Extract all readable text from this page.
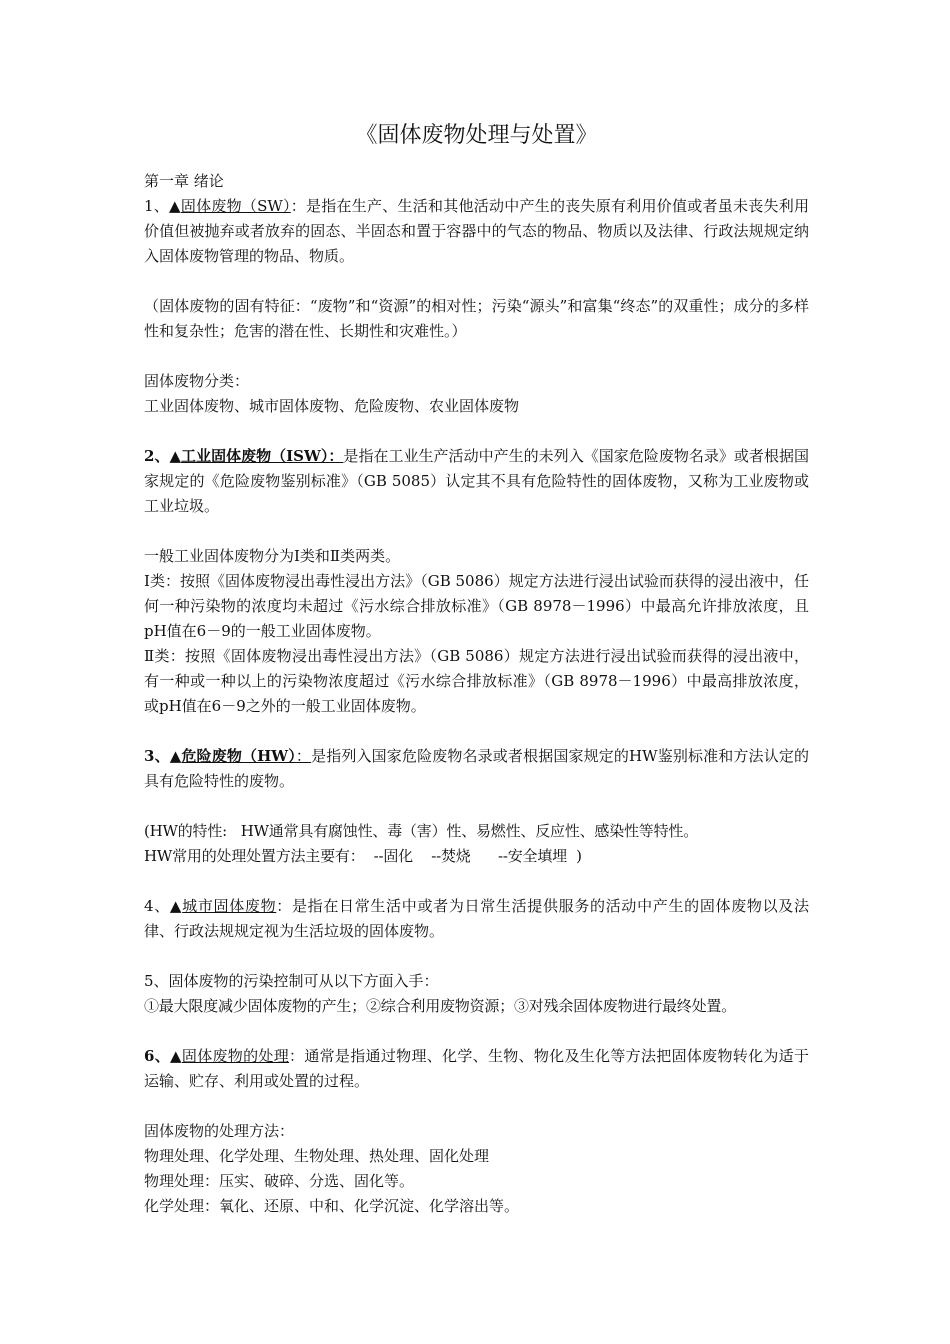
《固体废物处理与处置》

第一章 绪论

1、▲固体废物（SW）：是指在生产、生活和其他活动中产生的丧失原有利用价值或者虽未丧失利用价值但被抛弃或者放弃的固态、半固态和置于容器中的气态的物品、物质以及法律、行政法规规定纳入固体废物管理的物品、物质。

（固体废物的固有特征：“废物”和“资源”的相对性；污染“源头”和富集“终态”的双重性；成分的多样性和复杂性；危害的潜在性、长期性和灾难性。）

固体废物分类：

工业固体废物、城市固体废物、危险废物、农业固体废物

2、▲工业固体废物（ISW）：是指在工业生产活动中产生的未列入《国家危险废物名录》或者根据国家规定的《危险废物鉴别标准》（GB 5085）认定其不具有危险特性的固体废物，又称为工业废物或工业垃圾。

一般工业固体废物分为Ⅰ类和Ⅱ类两类。

Ⅰ类：按照《固体废物浸出毒性浸出方法》（GB 5086）规定方法进行浸出试验而获得的浸出液中，任何一种污染物的浓度均未超过《污水综合排放标准》（GB 8978－1996）中最高允许排放浓度，且pH值在6－9的一般工业固体废物。

Ⅱ类：按照《固体废物浸出毒性浸出方法》（GB 5086）规定方法进行浸出试验而获得的浸出液中，有一种或一种以上的污染物浓度超过《污水综合排放标准》（GB 8978－1996）中最高排放浓度，或pH值在6－9之外的一般工业固体废物。

3、▲危险废物（HW）：是指列入国家危险废物名录或者根据国家规定的HW鉴别标准和方法认定的具有危险特性的废物。

(HW的特性:   HW通常具有腐蚀性、毒（害）性、易燃性、反应性、感染性等特性。

HW常用的处理处置方法主要有：  --固化    --焚烧      --安全填埋  )

4、▲城市固体废物：是指在日常生活中或者为日常生活提供服务的活动中产生的固体废物以及法律、行政法规规定视为生活垃圾的固体废物。

5、固体废物的污染控制可从以下方面入手：

①最大限度减少固体废物的产生；②综合利用废物资源；③对残余固体废物进行最终处置。

6、▲固体废物的处理：通常是指通过物理、化学、生物、物化及生化等方法把固体废物转化为适于运输、贮存、利用或处置的过程。

固体废物的处理方法：

物理处理、化学处理、生物处理、热处理、固化处理

物理处理：压实、破碎、分选、固化等。

化学处理：氧化、还原、中和、化学沉淀、化学溶出等。
